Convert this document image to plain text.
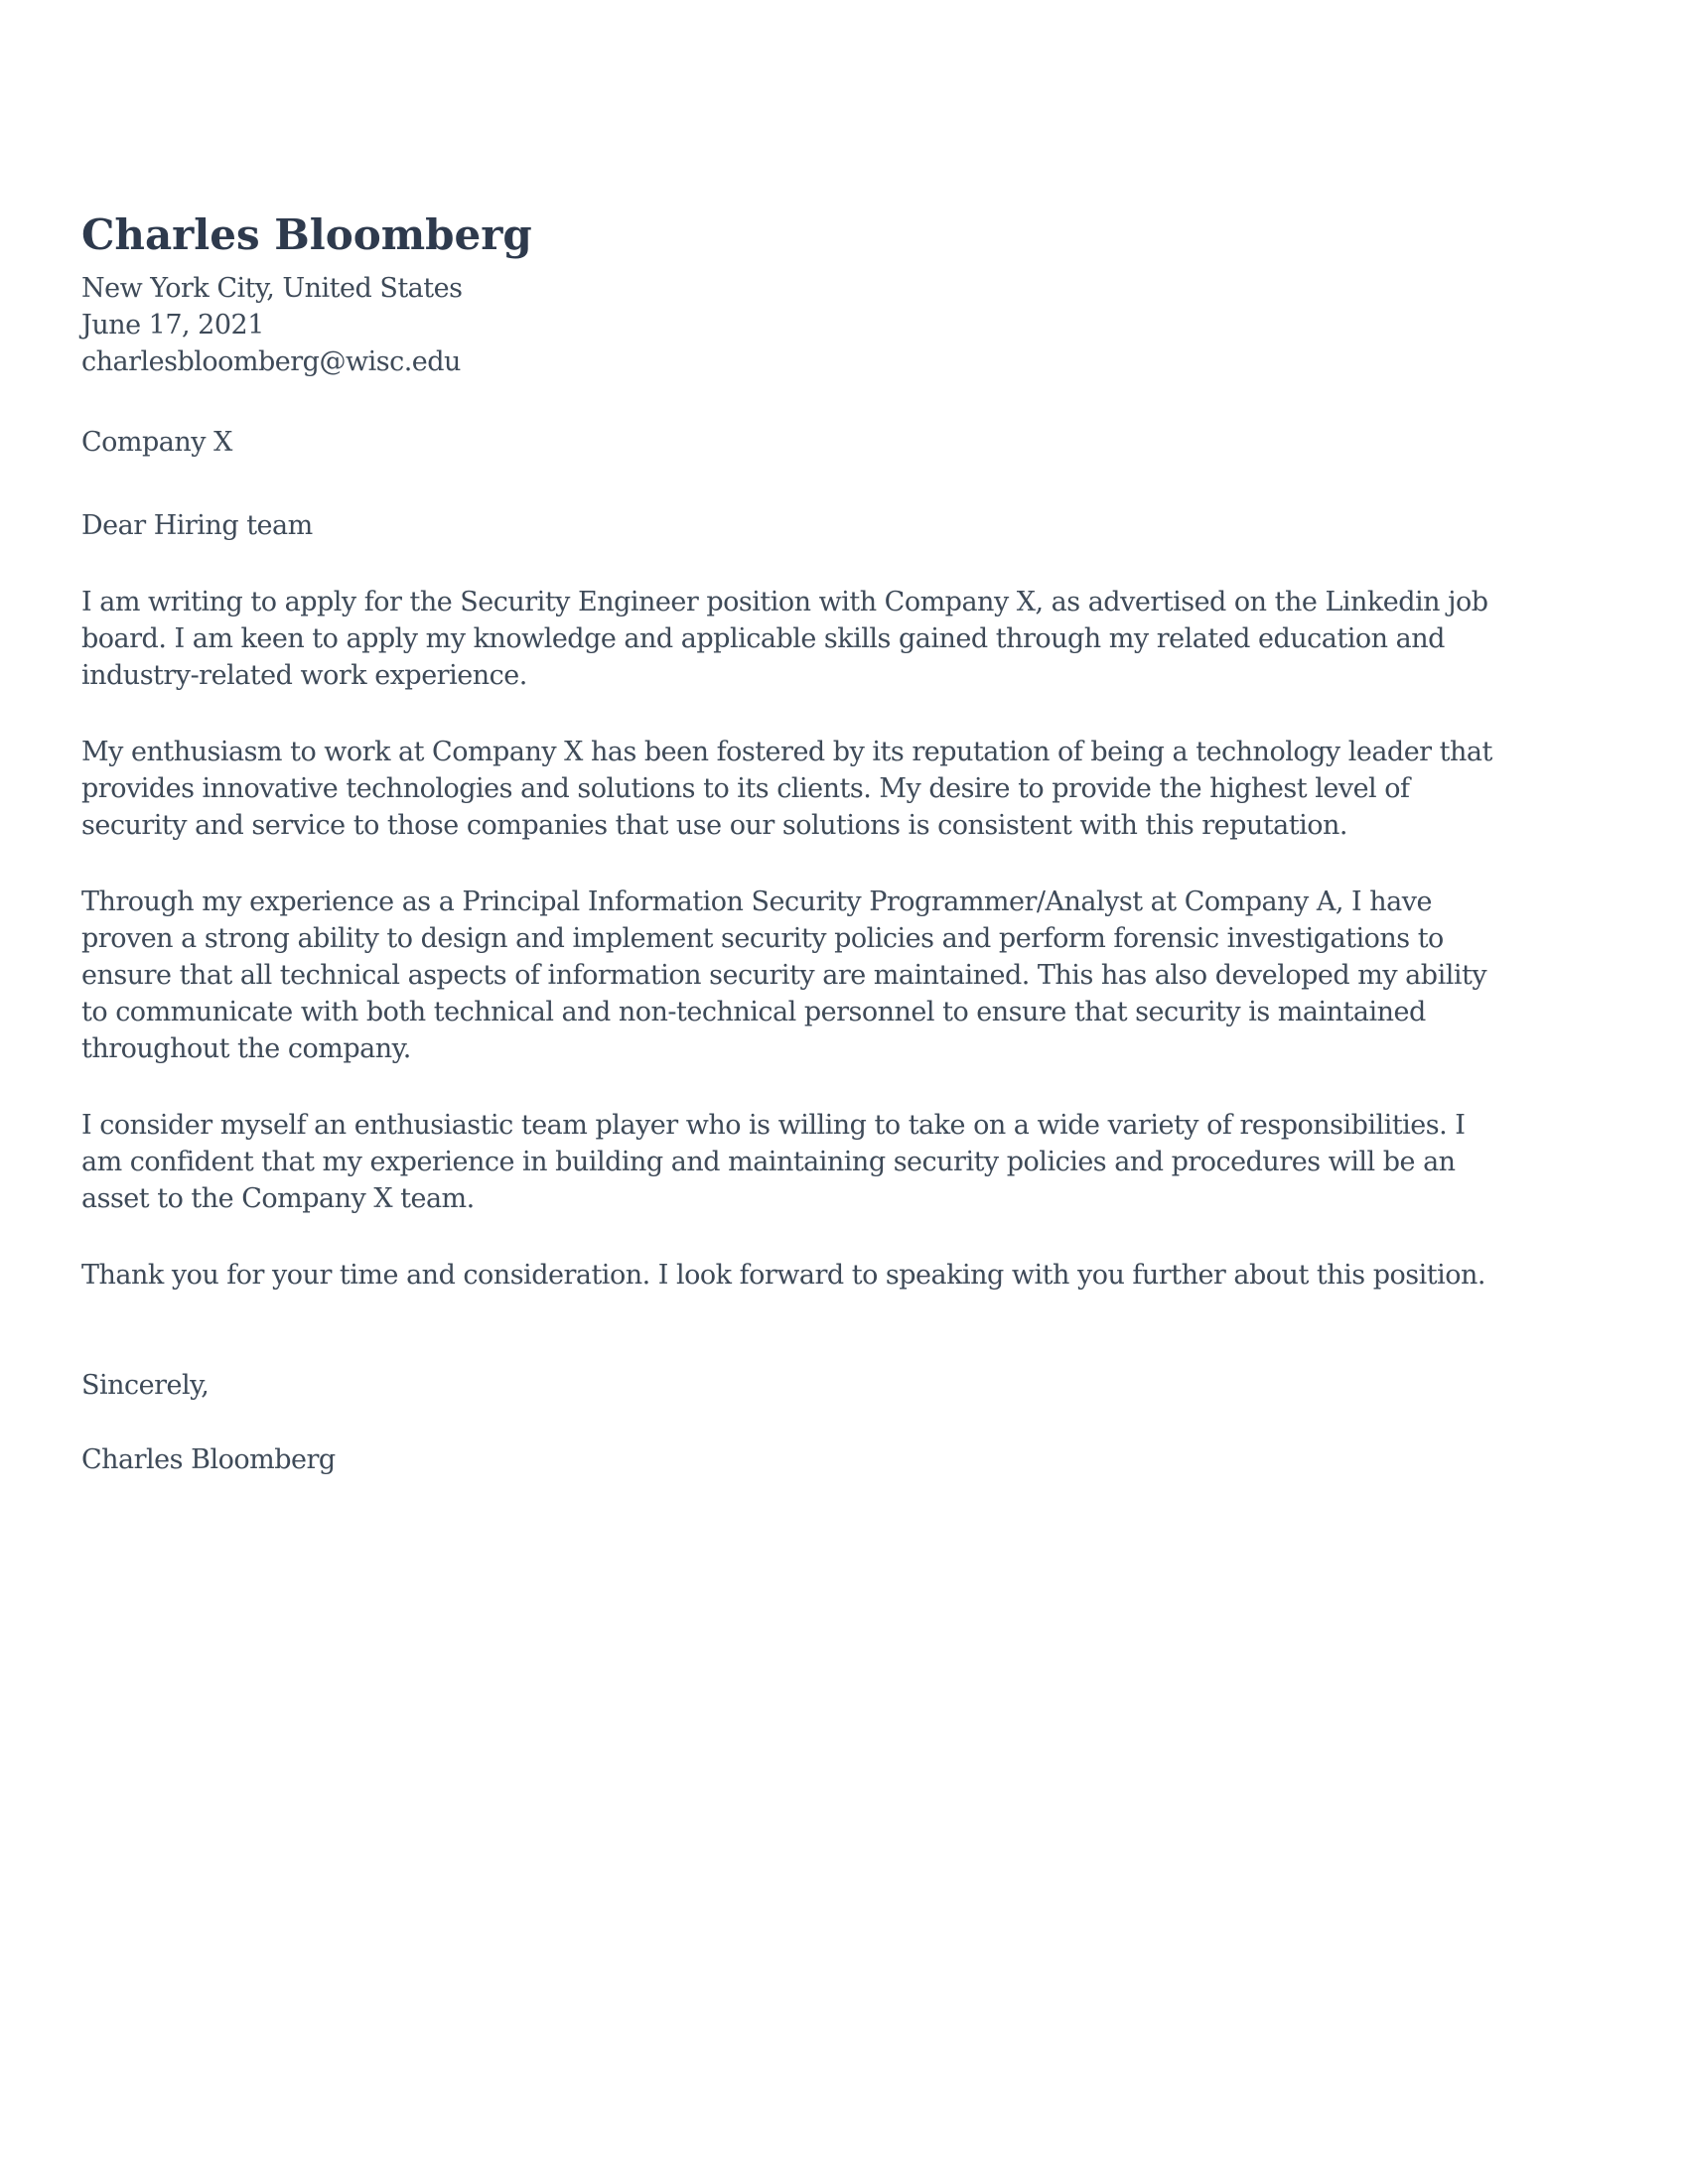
Charles Bloomberg
New York City, United States
June 17, 2021
charlesbloomberg@wisc.edu
Company X
Dear Hiring team

I am writing to apply for the Security Engineer position with Company X, as advertised on the Linkedin job board. I am keen to apply my knowledge and applicable skills gained through my related education and industry-related work experience.

My enthusiasm to work at Company X has been fostered by its reputation of being a technology leader that provides innovative technologies and solutions to its clients. My desire to provide the highest level of security and service to those companies that use our solutions is consistent with this reputation.

Through my experience as a Principal Information Security Programmer/Analyst at Company A, I have proven a strong ability to design and implement security policies and perform forensic investigations to ensure that all technical aspects of information security are maintained. This has also developed my ability to communicate with both technical and non-technical personnel to ensure that security is maintained throughout the company.

I consider myself an enthusiastic team player who is willing to take on a wide variety of responsibilities. I am confident that my experience in building and maintaining security policies and procedures will be an asset to the Company X team.

Thank you for your time and consideration. I look forward to speaking with you further about this position.

Sincerely,
Charles Bloomberg
